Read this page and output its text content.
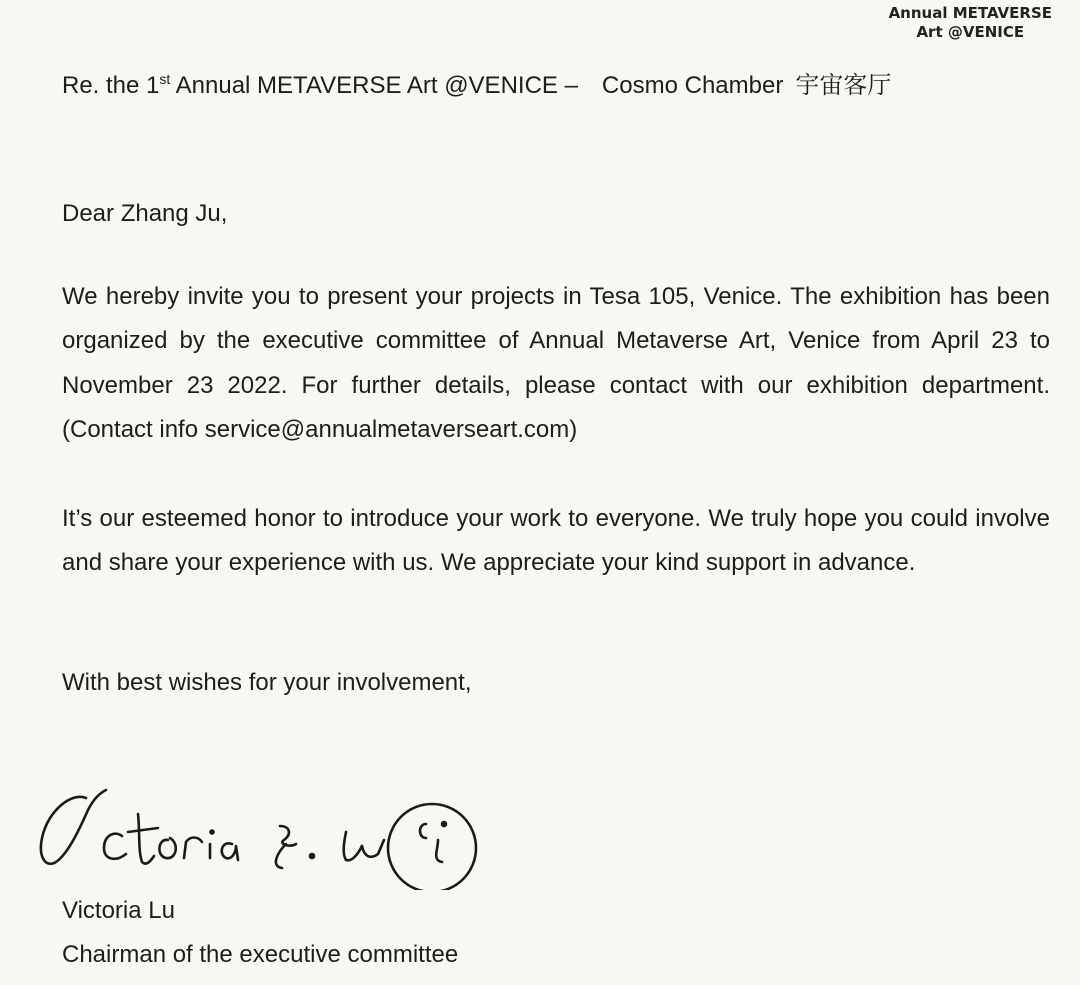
Annual METAVERSE
Art @VENICE
Re. the 1st Annual METAVERSE Art @VENICE – Cosmo Chamber 宇宙客厅
Dear Zhang Ju,

We hereby invite you to present your projects in Tesa 105, Venice. The exhibition has been organized by the executive committee of Annual Metaverse Art, Venice from April 23 to November 23 2022. For further details, please contact with our exhibition department. (Contact info service@annualmetaverseart.com)

It’s our esteemed honor to introduce your work to everyone. We truly hope you could involve and share your experience with us. We appreciate your kind support in advance.

With best wishes for your involvement,
Victoria Lu
Chairman of the executive committee
